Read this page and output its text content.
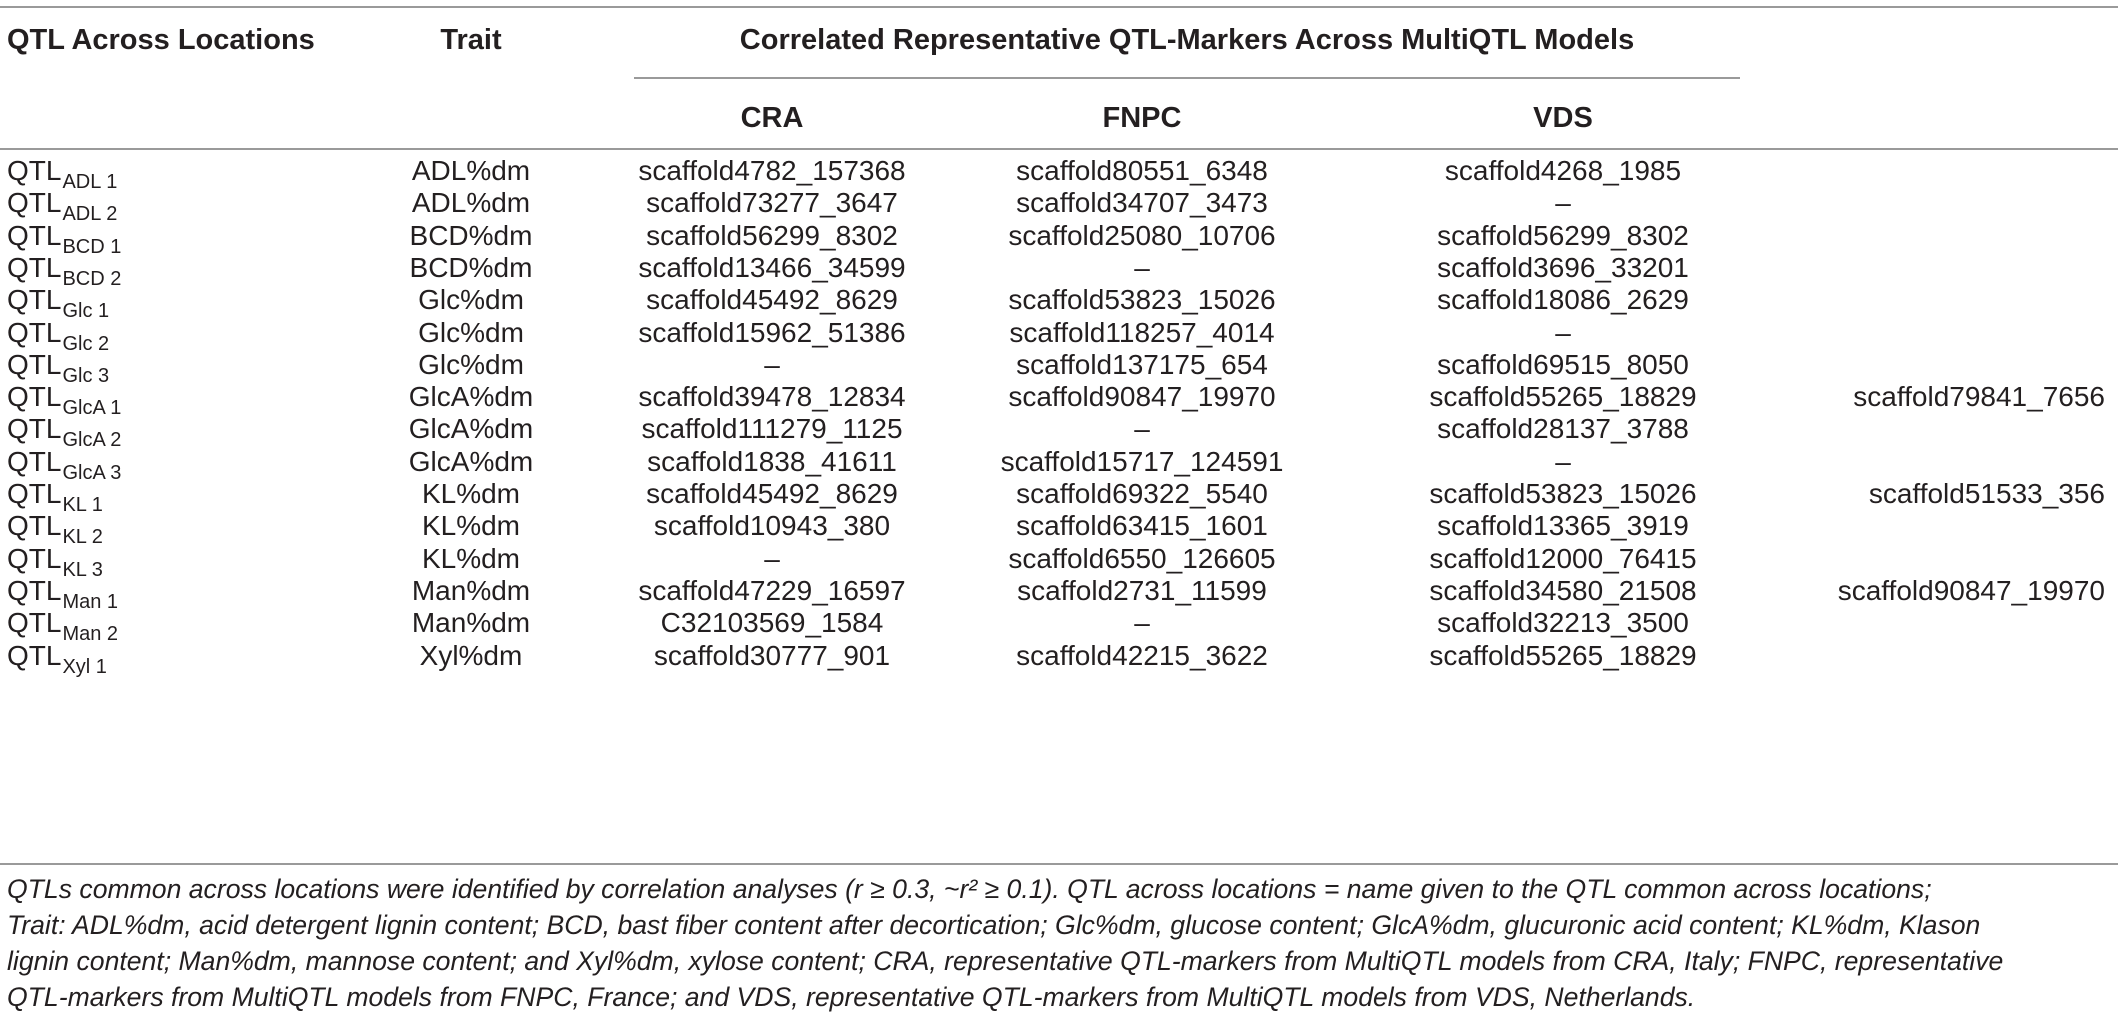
QTL Across Locations	Trait	Correlated Representative QTL-Markers Across MultiQTL Models
CRA	FNPC	VDS
$QTL_{ADL 1}$	ADL%dm	scaffold4782_157368	scaffold80551_6348	scaffold4268_1985
$QTL_{ADL 2}$	ADL%dm	scaffold73277_3647	scaffold34707_3473	–
$QTL_{BCD 1}$	BCD%dm	scaffold56299_8302	scaffold25080_10706	scaffold56299_8302
$QTL_{BCD 2}$	BCD%dm	scaffold13466_34599	–	scaffold3696_33201
$QTL_{Glc 1}$	Glc%dm	scaffold45492_8629	scaffold53823_15026	scaffold18086_2629
$QTL_{Glc 2}$	Glc%dm	scaffold15962_51386	scaffold118257_4014	–
$QTL_{Glc 3}$	Glc%dm	–	scaffold137175_654	scaffold69515_8050
$QTL_{GlcA 1}$	GlcA%dm	scaffold39478_12834	scaffold90847_19970	scaffold55265_18829	scaffold79841_7656
$QTL_{GlcA 2}$	GlcA%dm	scaffold111279_1125	–	scaffold28137_3788
$QTL_{GlcA 3}$	GlcA%dm	scaffold1838_41611	scaffold15717_124591	–
$QTL_{KL 1}$	KL%dm	scaffold45492_8629	scaffold69322_5540	scaffold53823_15026	scaffold51533_356
$QTL_{KL 2}$	KL%dm	scaffold10943_380	scaffold63415_1601	scaffold13365_3919
$QTL_{KL 3}$	KL%dm	–	scaffold6550_126605	scaffold12000_76415
$QTL_{Man 1}$	Man%dm	scaffold47229_16597	scaffold2731_11599	scaffold34580_21508	scaffold90847_19970
$QTL_{Man 2}$	Man%dm	C32103569_1584	–	scaffold32213_3500
$QTL_{Xyl 1}$	Xyl%dm	scaffold30777_901	scaffold42215_3622	scaffold55265_18829
QTLs common across locations were identified by correlation analyses (r ≥ 0.3, ~r² ≥ 0.1). QTL across locations = name given to the QTL common across locations;
Trait: ADL%dm, acid detergent lignin content; BCD, bast fiber content after decortication; Glc%dm, glucose content; GlcA%dm, glucuronic acid content; KL%dm, Klason
lignin content; Man%dm, mannose content; and Xyl%dm, xylose content; CRA, representative QTL-markers from MultiQTL models from CRA, Italy; FNPC, representative
QTL-markers from MultiQTL models from FNPC, France; and VDS, representative QTL-markers from MultiQTL models from VDS, Netherlands.
